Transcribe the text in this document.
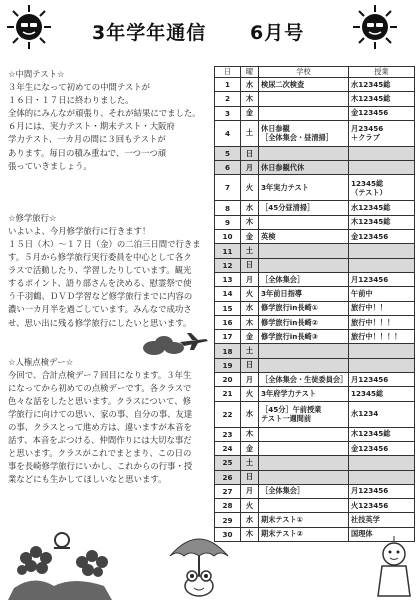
3年学年通信 6月号
☆中間テスト☆
３年生になって初めての中間テストが
１６日・１７日に終わりました。
全体的にみんなが頑張り、それが結果にでました。
６月には、実力テスト・期末テスト・大阪府
学力テスト、一カ月の間に３回もテストが
あります。毎日の積み重ねで、一つ一つ頑
張っていきましょう。
☆修学旅行☆
いよいよ、今月修学旅行に行きます！
１５日（木）～１７日（金）の二泊三日間で行きま
す。５月から修学旅行実行委員を中心として各ク
ラスで活動したり、学習したりしています。観光
するポイント、語り部さんを決める、慰霊祭で使
う千羽鶴、ＤＶＤ学習など修学旅行までに内容の
濃い一カ月半を過ごしています。みんなで成功さ
せ、思い出に残る修学旅行にしたいと思います。
☆人権点検デー☆
今回で、合計点検デー７回目になります。３年生
になってから初めての点検デーです。各クラスで
色々な話をしたと思います。クラスについて、修
学旅行に向けての思い、家の事、自分の事、友達
の事、クラスとって進め方は、違いますが本音を
話す、本音をぶつける、仲間作りには大切な事だ
と思います。クラスがこれでまとまり、この日の
事を長崎修学旅行にいかし、これからの行事・授
業などにも生かしてほしいなと思います。
日	曜	学校	授業
1	水	検尿二次検査	水12345総
2	木		木12345総
3	金		金123456
4	土	休日参観
［全体集会・昼清掃］	月23456
＋クラブ

5	日		
6	月	休日参観代休	
7	火	3年実力テスト	12345総
（テスト）

8	水	［45分昼清掃］	水12345総
9	木		木12345総
10	金	英検	金123456
11	土		
12	日		
13	月	［全体集会］	月123456
14	火	3年前日指導	午前中
15	水	修学旅行in長崎①	旅行中！！
16	木	修学旅行in長崎②	旅行中！！！
17	金	修学旅行in長崎③	旅行中！！！！
18	土		
19	日		
20	月	［全体集会・生徒委員会］	月123456
21	火	3年府学力テスト	12345総
22	水	［45分］午前授業
テスト一週間前	水1234
23	木		木12345総
24	金		金123456
25	土		
26	日		
27	月	［全体集会］	月123456
28	火		火123456
29	水	期末テスト①	社技英学
30	木	期末テスト②	国理体
